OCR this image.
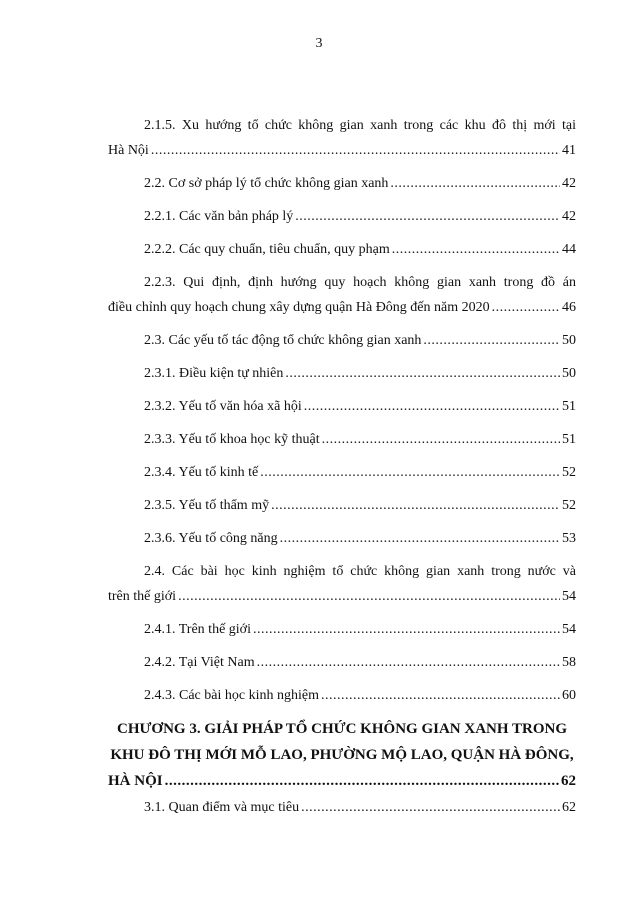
3
2.1.5. Xu hướng tổ chức không gian xanh trong các khu đô thị mới tại
Hà Nội .....	41
2.2. Cơ sở pháp lý tổ chức không gian xanh .....	42
2.2.1. Các văn bản pháp lý .....	42
2.2.2. Các quy chuẩn, tiêu chuẩn, quy phạm .....	44
2.2.3. Qui định, định hướng quy hoạch không gian xanh trong đồ án
điều chỉnh quy hoạch chung xây dựng quận Hà Đông đến năm 2020 .....	46
2.3. Các yếu tố tác động tổ chức không gian xanh .....	50
2.3.1. Điều kiện tự nhiên .....	50
2.3.2. Yếu tố văn hóa xã hội .....	51
2.3.3. Yếu tố khoa học kỹ thuật .....	51
2.3.4. Yếu tố kinh tế .....	52
2.3.5. Yếu tố thẩm mỹ .....	52
2.3.6. Yếu tố công năng .....	53
2.4. Các bài học kinh nghiệm tổ chức không gian xanh trong nước và
trên thế giới .....	54
2.4.1. Trên thế giới .....	54
2.4.2. Tại Việt Nam .....	58
2.4.3. Các bài học kinh nghiệm .....	60
CHƯƠNG 3. GIẢI PHÁP TỔ CHỨC KHÔNG GIAN XANH TRONG
KHU ĐÔ THỊ MỚI MỖ LAO, PHƯỜNG MỘ LAO, QUẬN HÀ ĐÔNG,
HÀ NỘI .....	62
3.1. Quan điểm và mục tiêu .....	62
